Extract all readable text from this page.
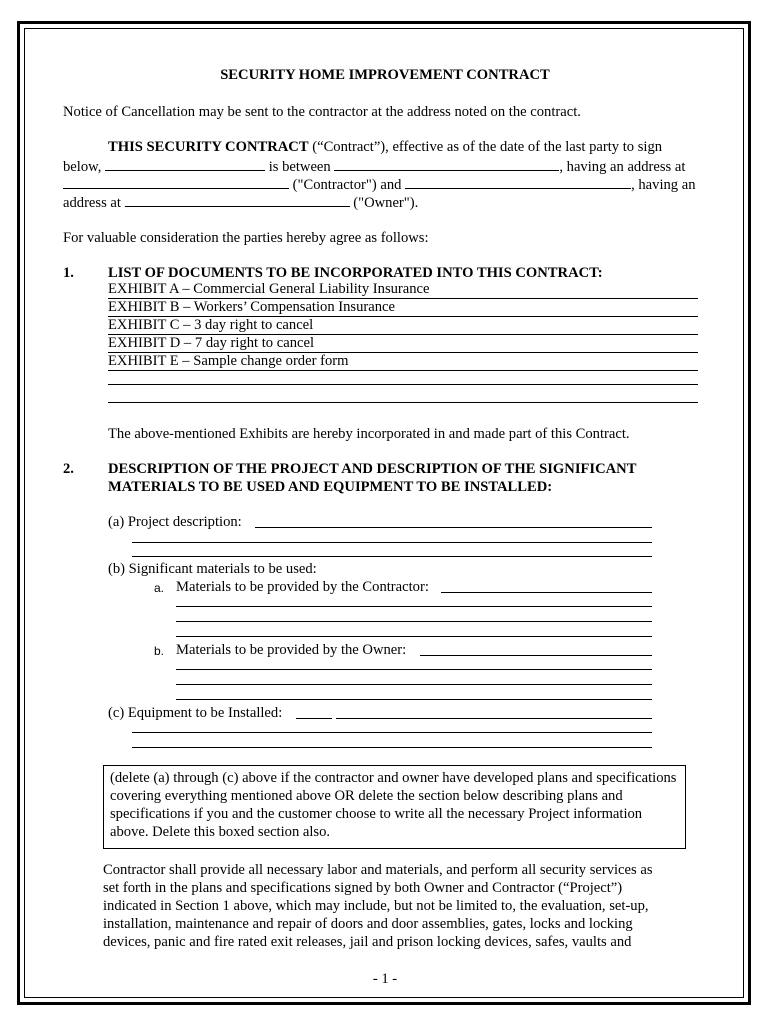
SECURITY HOME IMPROVEMENT CONTRACT
Notice of Cancellation may be sent to the contractor at the address noted on the contract.
THIS SECURITY CONTRACT (“Contract”), effective as of the date of the last party to sign
below,	is between	, having an address at
("Contractor") and	, having an
address at	("Owner").
For valuable consideration the parties hereby agree as follows:
1. LIST OF DOCUMENTS TO BE INCORPORATED INTO THIS CONTRACT:
EXHIBIT A – Commercial General Liability Insurance
EXHIBIT B – Workers’ Compensation Insurance
EXHIBIT C – 3 day right to cancel
EXHIBIT D – 7 day right to cancel
EXHIBIT E – Sample change order form
The above-mentioned Exhibits are hereby incorporated in and made part of this Contract.
2. DESCRIPTION OF THE PROJECT AND DESCRIPTION OF THE SIGNIFICANT
MATERIALS TO BE USED AND EQUIPMENT TO BE INSTALLED:
(a) Project description:
(b) Significant materials to be used:
a. Materials to be provided by the Contractor:
b. Materials to be provided by the Owner:
(c) Equipment to be Installed:
(delete (a) through (c) above if the contractor and owner have developed plans and specifications covering everything mentioned above OR delete the section below describing plans and specifications if you and the customer choose to write all the necessary Project information above. Delete this boxed section also.
Contractor shall provide all necessary labor and materials, and perform all security services as
set forth in the plans and specifications signed by both Owner and Contractor (“Project”)
indicated in Section 1 above, which may include, but not be limited to, the evaluation, set-up,
installation, maintenance and repair of doors and door assemblies, gates, locks and locking
devices, panic and fire rated exit releases, jail and prison locking devices, safes, vaults and
- 1 -
